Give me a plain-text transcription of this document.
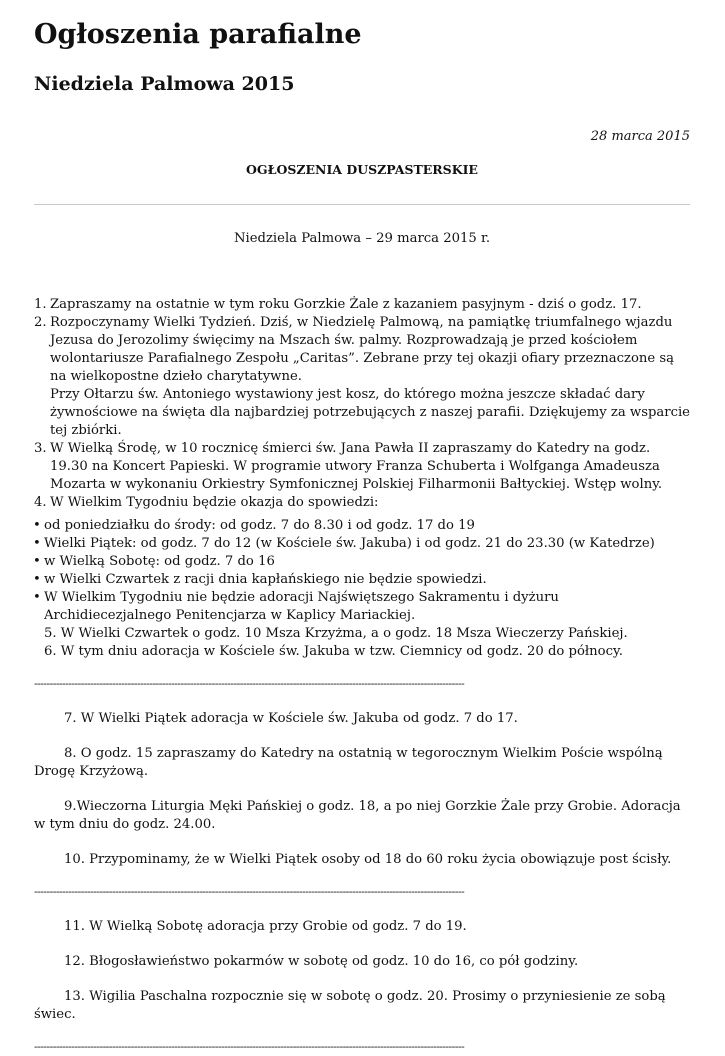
Ogłoszenia parafialne
Niedziela Palmowa 2015
28 marca 2015
OGŁOSZENIA DUSZPASTERSKIE

Niedziela Palmowa – 29 marca 2015 r.

1. Zapraszamy na ostatnie w tym roku Gorzkie Żale z kazaniem pasyjnym - dziś o godz. 17.
2. Rozpoczynamy Wielki Tydzień. Dziś, w Niedzielę Palmową, na pamiątkę triumfalnego wjazdu Jezusa do Jerozolimy święcimy na Mszach św. palmy. Rozprowadzają je przed kościołem wolontariusze Parafialnego Zespołu „Caritas”. Zebrane przy tej okazji ofiary przeznaczone są na wielkopostne dzieło charytatywne.
Przy Ołtarzu św. Antoniego wystawiony jest kosz, do którego można jeszcze składać dary żywnościowe na święta dla najbardziej potrzebujących z naszej parafii. Dziękujemy za wsparcie tej zbiórki.
3. W Wielką Środę, w 10 rocznicę śmierci św. Jana Pawła II zapraszamy do Katedry na godz. 19.30 na Koncert Papieski. W programie utwory Franza Schuberta i Wolfganga Amadeusza Mozarta w wykonaniu Orkiestry Symfonicznej Polskiej Filharmonii Bałtyckiej. Wstęp wolny.
4. W Wielkim Tygodniu będzie okazja do spowiedzi:
• od poniedziałku do środy: od godz. 7 do 8.30 i od godz. 17 do 19
• Wielki Piątek: od godz. 7 do 12 (w Kościele św. Jakuba) i od godz. 21 do 23.30 (w Katedrze)
• w Wielką Sobotę: od godz. 7 do 16
• w Wielki Czwartek z racji dnia kapłańskiego nie będzie spowiedzi.
• W Wielkim Tygodniu nie będzie adoracji Najświętszego Sakramentu i dyżuru Archidiecezjalnego Penitencjarza w Kaplicy Mariackiej.

5. W Wielki Czwartek o godz. 10 Msza Krzyżma, a o godz. 18 Msza Wieczerzy Pańskiej.

6. W tym dniu adoracja w Kościele św. Jakuba w tzw. Ciemnicy od godz. 20 do północy.

------------------------------------------------------------------------------------------------------------------------------------------

7. W Wielki Piątek adoracja w Kościele św. Jakuba od godz. 7 do 17.

8. O godz. 15 zapraszamy do Katedry na ostatnią w tegorocznym Wielkim Poście wspólną Drogę Krzyżową.

9.Wieczorna Liturgia Męki Pańskiej o godz. 18, a po niej Gorzkie Żale przy Grobie. Adoracja w tym dniu do godz. 24.00.

10. Przypominamy, że w Wielki Piątek osoby od 18 do 60 roku życia obowiązuje post ścisły.

------------------------------------------------------------------------------------------------------------------------------------------

11. W Wielką Sobotę adoracja przy Grobie od godz. 7 do 19.

12. Błogosławieństwo pokarmów w sobotę od godz. 10 do 16, co pół godziny.

13. Wigilia Paschalna rozpocznie się w sobotę o godz. 20. Prosimy o przyniesienie ze sobą świec.

------------------------------------------------------------------------------------------------------------------------------------------
